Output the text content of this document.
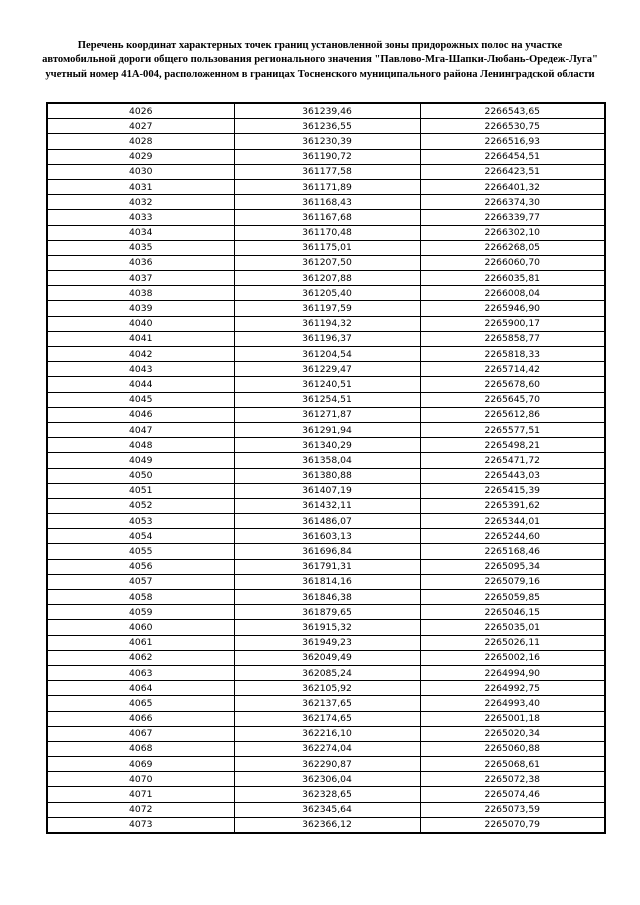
Перечень координат характерных точек границ установленной зоны придорожных полос на участке автомобильной дороги общего пользования регионального значения "Павлово-Мга-Шапки-Любань-Оредеж-Луга" учетный номер 41А-004, расположенном в границах Тосненского муниципального района Ленинградской области
4026	361239,46	2266543,65
4027	361236,55	2266530,75
4028	361230,39	2266516,93
4029	361190,72	2266454,51
4030	361177,58	2266423,51
4031	361171,89	2266401,32
4032	361168,43	2266374,30
4033	361167,68	2266339,77
4034	361170,48	2266302,10
4035	361175,01	2266268,05
4036	361207,50	2266060,70
4037	361207,88	2266035,81
4038	361205,40	2266008,04
4039	361197,59	2265946,90
4040	361194,32	2265900,17
4041	361196,37	2265858,77
4042	361204,54	2265818,33
4043	361229,47	2265714,42
4044	361240,51	2265678,60
4045	361254,51	2265645,70
4046	361271,87	2265612,86
4047	361291,94	2265577,51
4048	361340,29	2265498,21
4049	361358,04	2265471,72
4050	361380,88	2265443,03
4051	361407,19	2265415,39
4052	361432,11	2265391,62
4053	361486,07	2265344,01
4054	361603,13	2265244,60
4055	361696,84	2265168,46
4056	361791,31	2265095,34
4057	361814,16	2265079,16
4058	361846,38	2265059,85
4059	361879,65	2265046,15
4060	361915,32	2265035,01
4061	361949,23	2265026,11
4062	362049,49	2265002,16
4063	362085,24	2264994,90
4064	362105,92	2264992,75
4065	362137,65	2264993,40
4066	362174,65	2265001,18
4067	362216,10	2265020,34
4068	362274,04	2265060,88
4069	362290,87	2265068,61
4070	362306,04	2265072,38
4071	362328,65	2265074,46
4072	362345,64	2265073,59
4073	362366,12	2265070,79
